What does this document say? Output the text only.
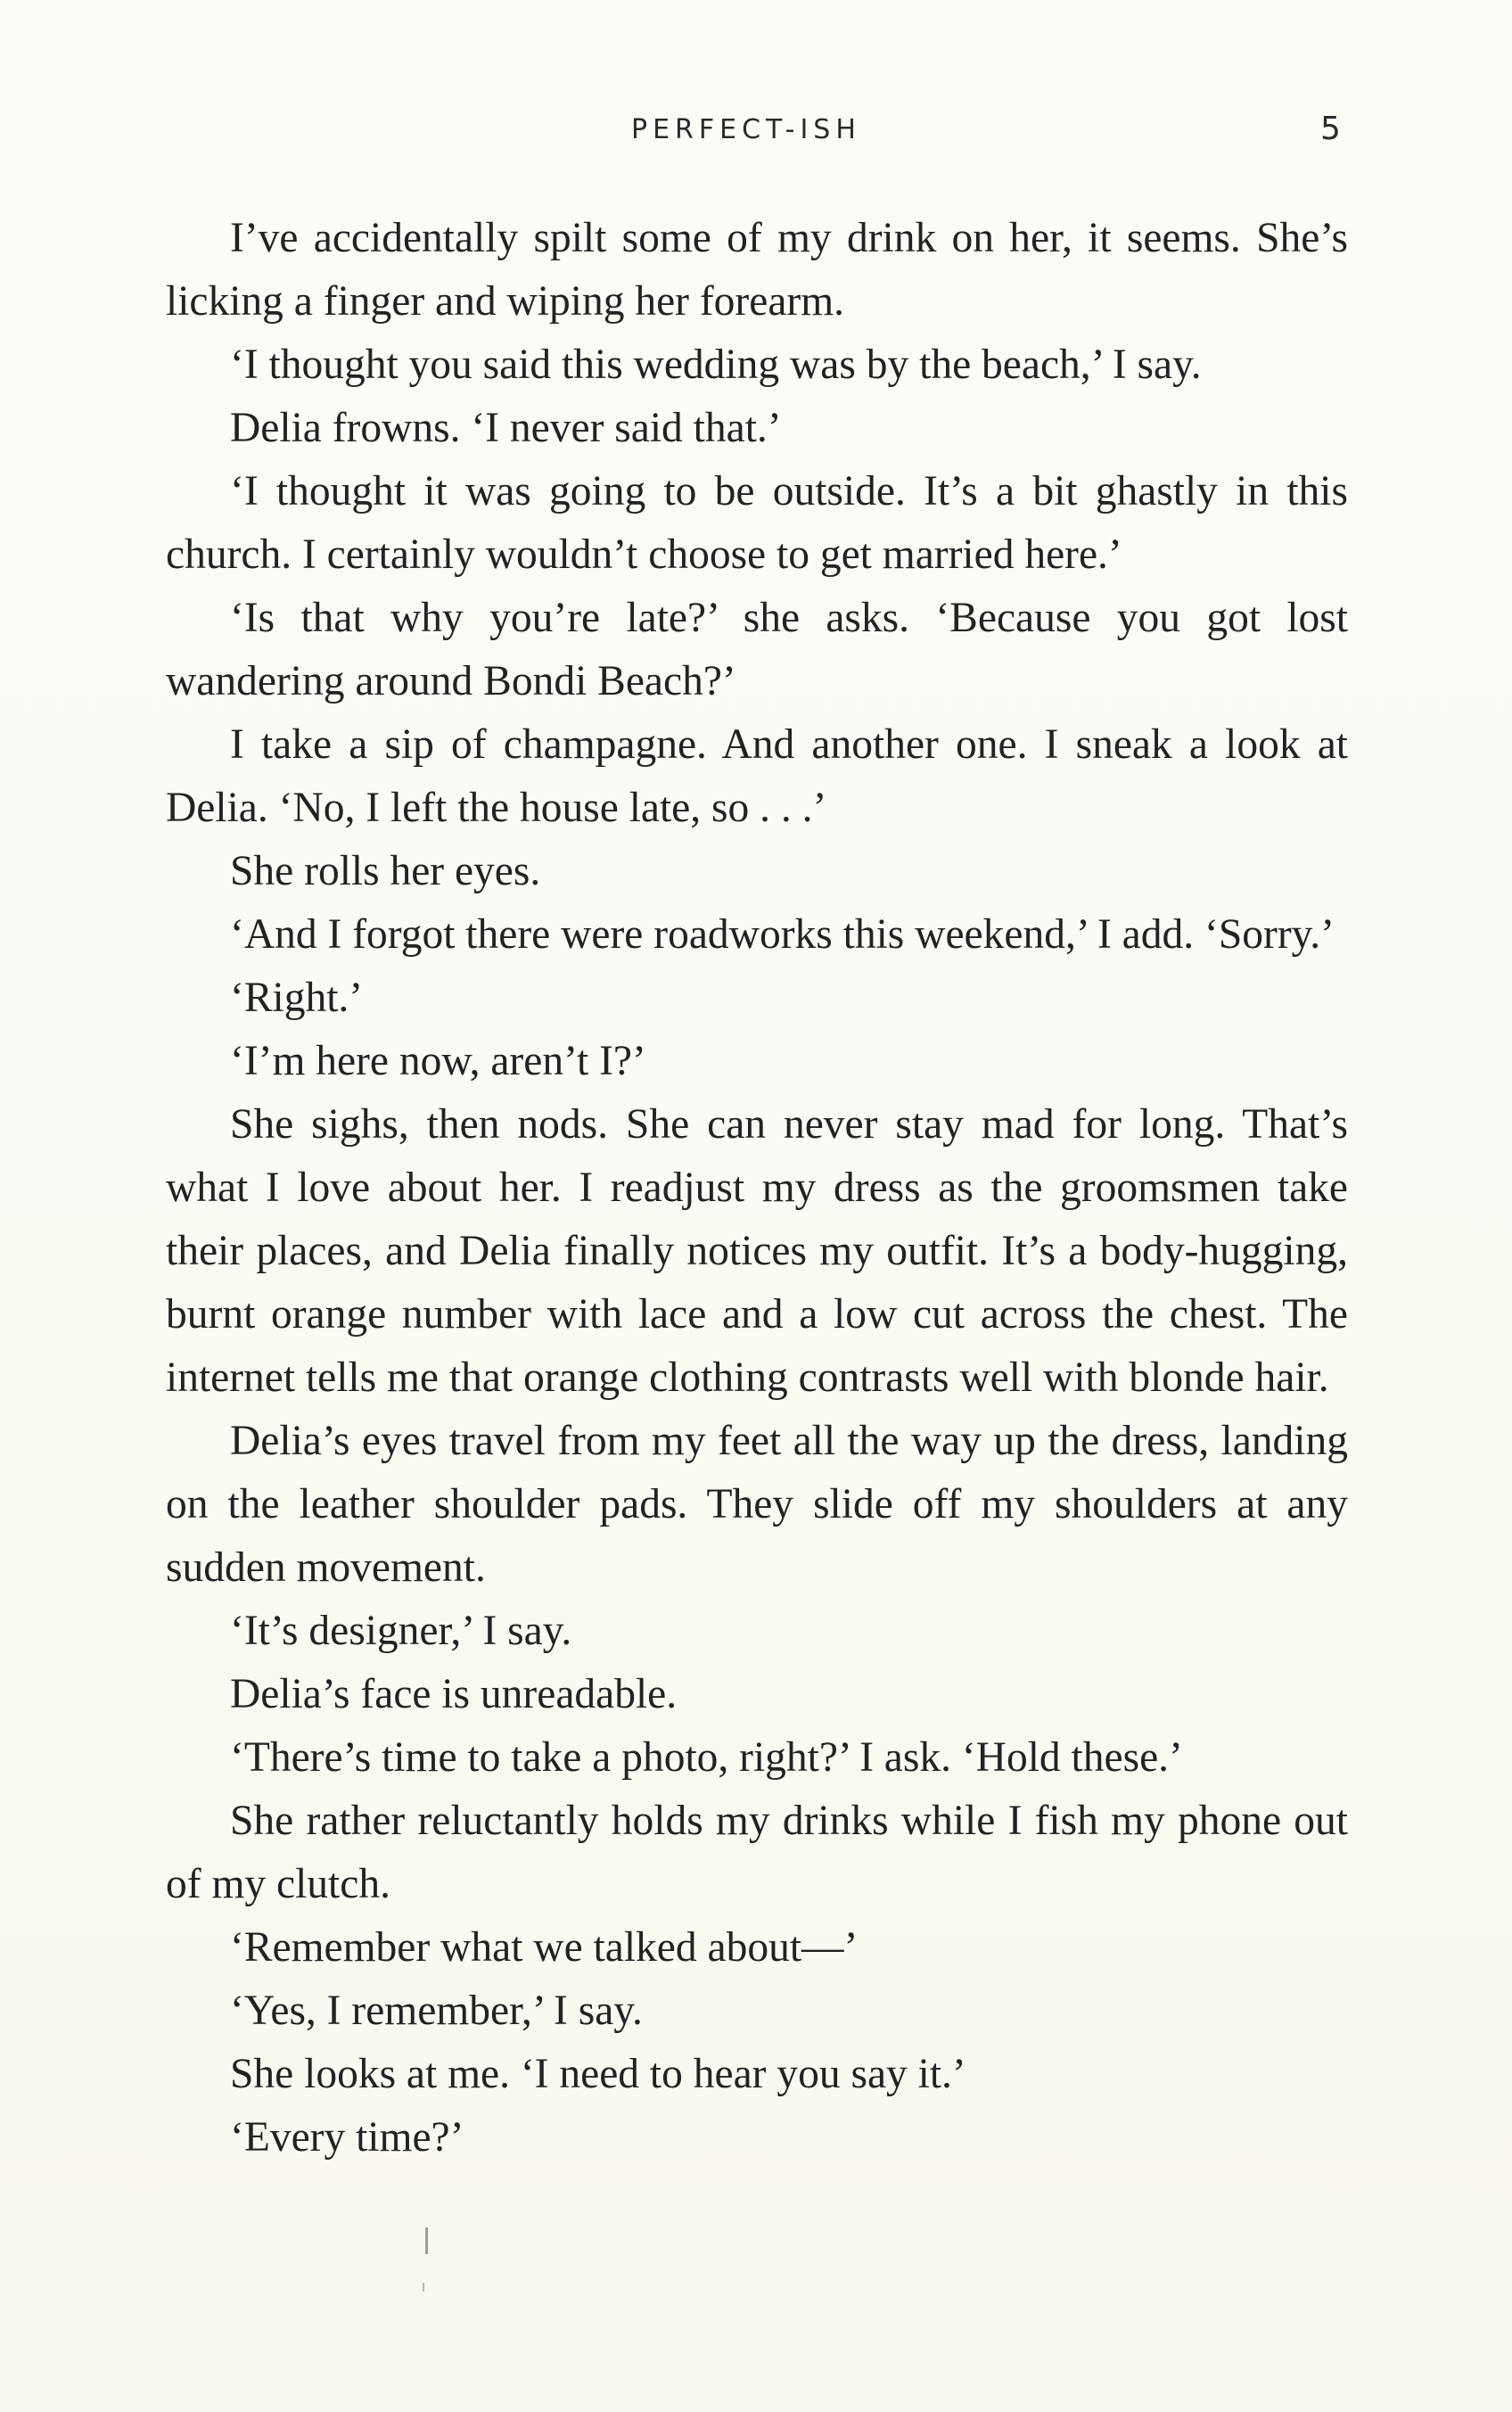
PERFECT-ISH	5

I’ve accidentally spilt some of my drink on her, it seems. She’s licking a finger and wiping her forearm.

‘I thought you said this wedding was by the beach,’ I say.

Delia frowns. ‘I never said that.’

‘I thought it was going to be outside. It’s a bit ghastly in this church. I certainly wouldn’t choose to get married here.’

‘Is that why you’re late?’ she asks. ‘Because you got lost wandering around Bondi Beach?’

I take a sip of champagne. And another one. I sneak a look at Delia. ‘No, I left the house late, so . . .’

She rolls her eyes.

‘And I forgot there were roadworks this weekend,’ I add. ‘Sorry.’

‘Right.’

‘I’m here now, aren’t I?’

She sighs, then nods. She can never stay mad for long. That’s what I love about her. I readjust my dress as the groomsmen take their places, and Delia finally notices my outfit. It’s a body-hugging, burnt orange number with lace and a low cut across the chest. The internet tells me that orange clothing contrasts well with blonde hair.

Delia’s eyes travel from my feet all the way up the dress, landing on the leather shoulder pads. They slide off my shoulders at any sudden movement.

‘It’s designer,’ I say.

Delia’s face is unreadable.

‘There’s time to take a photo, right?’ I ask. ‘Hold these.’

She rather reluctantly holds my drinks while I fish my phone out of my clutch.

‘Remember what we talked about—’

‘Yes, I remember,’ I say.

She looks at me. ‘I need to hear you say it.’

‘Every time?’
